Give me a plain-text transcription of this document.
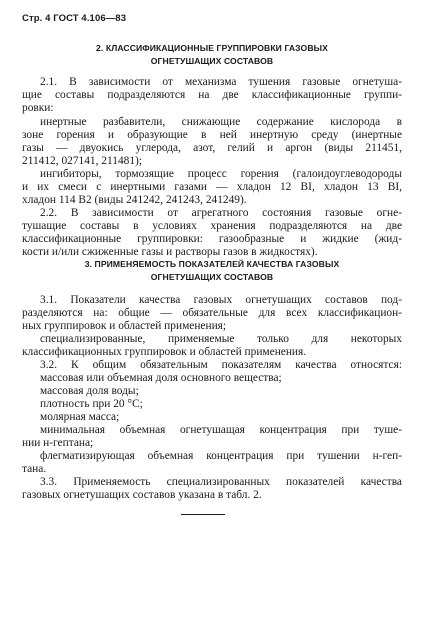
Стр. 4 ГОСТ 4.106—83
2. КЛАССИФИКАЦИОННЫЕ ГРУППИРОВКИ ГАЗОВЫХ
ОГНЕТУШАЩИХ СОСТАВОВ
2.1. В зависимости от механизма тушения газовые огнетуша-
щие составы подразделяются на две классификационные группи-
ровки:
инертные разбавители, снижающие содержание кислорода в
зоне горения и образующие в ней инертную среду (инертные
газы — двуокись углерода, азот, гелий и аргон (виды 211451,
211412, 027141, 211481);
ингибиторы, тормозящие процесс горения (галоидоуглеводороды
и их смеси с инертными газами — хладон 12 BI, хладон 13 BI,
хладон 114 B2 (виды 241242, 241243, 241249).
2.2. В зависимости от агрегатного состояния газовые огне-
тушащие составы в условиях хранения подразделяются на две
классификационные группировки: газообразные и жидкие (жид-
кости и/или сжиженные газы и растворы газов в жидкостях).
3. ПРИМЕНЯЕМОСТЬ ПОКАЗАТЕЛЕЙ КАЧЕСТВА ГАЗОВЫХ
ОГНЕТУШАЩИХ СОСТАВОВ
3.1. Показатели качества газовых огнетушащих составов под-
разделяются на: общие — обязательные для всех классификацион-
ных группировок и областей применения;
специализированные, применяемые только для некоторых
классификационных группировок и областей применения.
3.2. К общим обязательным показателям качества относятся:
массовая или объемная доля основного вещества;
массовая доля воды;
плотность при 20 °C;
молярная масса;
минимальная объемная огнетушащая концентрация при туше-
нии н-гептана;
флегматизирующая объемная концентрация при тушении н-геп-
тана.
3.3. Применяемость специализированных показателей качества
газовых огнетушащих составов указана в табл. 2.
